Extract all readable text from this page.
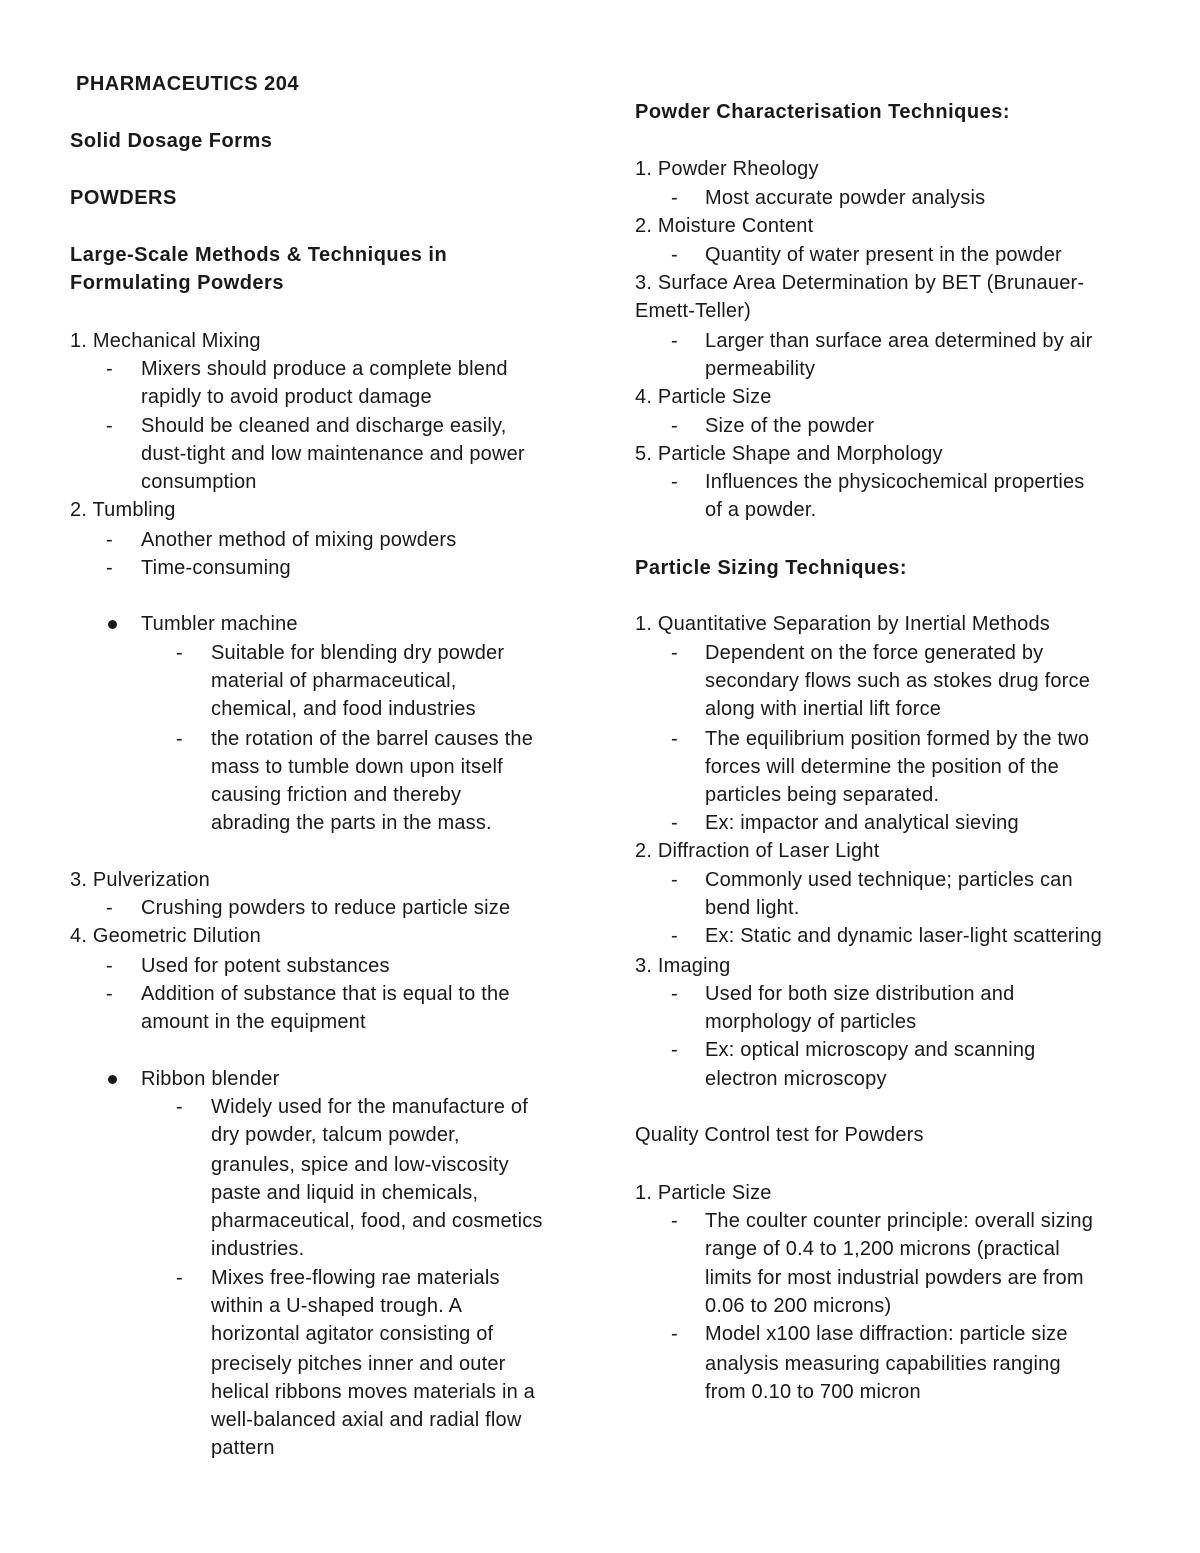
PHARMACEUTICS 204
Solid Dosage Forms
POWDERS
Large-Scale Methods & Techniques in
Formulating Powders
1. Mechanical Mixing
- Mixers should produce a complete blend
rapidly to avoid product damage
- Should be cleaned and discharge easily,
dust-tight and low maintenance and power
consumption
2. Tumbling
- Another method of mixing powders
- Time-consuming
Tumbler machine
- Suitable for blending dry powder
material of pharmaceutical,
chemical, and food industries
- the rotation of the barrel causes the
mass to tumble down upon itself
causing friction and thereby
abrading the parts in the mass.
3. Pulverization
- Crushing powders to reduce particle size
4. Geometric Dilution
- Used for potent substances
- Addition of substance that is equal to the
amount in the equipment
Ribbon blender
- Widely used for the manufacture of
dry powder, talcum powder,
granules, spice and low-viscosity
paste and liquid in chemicals,
pharmaceutical, food, and cosmetics
industries.
- Mixes free-flowing rae materials
within a U-shaped trough. A
horizontal agitator consisting of
precisely pitches inner and outer
helical ribbons moves materials in a
well-balanced axial and radial flow
pattern
Powder Characterisation Techniques:
1. Powder Rheology
- Most accurate powder analysis
2. Moisture Content
- Quantity of water present in the powder
3. Surface Area Determination by BET (Brunauer-
Emett-Teller)
- Larger than surface area determined by air
permeability
4. Particle Size
- Size of the powder
5. Particle Shape and Morphology
- Influences the physicochemical properties
of a powder.
Particle Sizing Techniques:
1. Quantitative Separation by Inertial Methods
- Dependent on the force generated by
secondary flows such as stokes drug force
along with inertial lift force
- The equilibrium position formed by the two
forces will determine the position of the
particles being separated.
- Ex: impactor and analytical sieving
2. Diffraction of Laser Light
- Commonly used technique; particles can
bend light.
- Ex: Static and dynamic laser-light scattering
3. Imaging
- Used for both size distribution and
morphology of particles
- Ex: optical microscopy and scanning
electron microscopy
Quality Control test for Powders
1. Particle Size
- The coulter counter principle: overall sizing
range of 0.4 to 1,200 microns (practical
limits for most industrial powders are from
0.06 to 200 microns)
- Model x100 lase diffraction: particle size
analysis measuring capabilities ranging
from 0.10 to 700 micron
